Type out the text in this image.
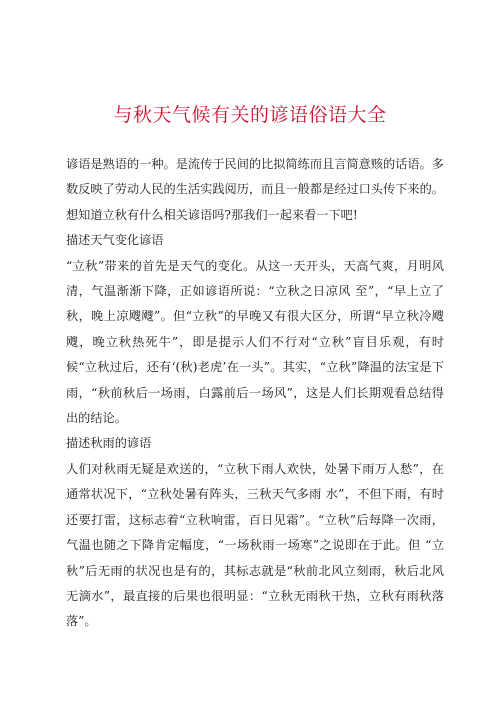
与秋天气候有关的谚语俗语大全

谚语是熟语的一种。是流传于民间的比拟简练而且言简意赅的话语。多数反映了劳动人民的生活实践阅历，而且一般都是经过口头传下来的。想知道立秋有什么相关谚语吗?那我们一起来看一下吧!

描述天气变化谚语

“立秋”带来的首先是天气的变化。从这一天开头，天高气爽，月明风清，气温渐渐下降，正如谚语所说：“立秋之日凉风 至”，“早上立了秋，晚上凉飕飕”。但“立秋”的早晚又有很大区分，所谓“早立秋冷飕飕，晚立秋热死牛”，即是提示人们不行对“立秋”盲目乐观，有时候“立秋过后，还有‘(秋)老虎’在一头”。其实，“立秋”降温的法宝是下雨，“秋前秋后一场雨，白露前后一场风”，这是人们长期观看总结得出的结论。

描述秋雨的谚语

人们对秋雨无疑是欢送的，“立秋下雨人欢快，处暑下雨万人愁”，在通常状况下，“立秋处暑有阵头，三秋天气多雨 水”，不但下雨，有时还要打雷，这标志着“立秋响雷，百日见霜”。“立秋”后每降一次雨，气温也随之下降肯定幅度，“一场秋雨一场寒”之说即在于此。但 “立秋”后无雨的状况也是有的，其标志就是“秋前北风立刻雨，秋后北风无滴水”，最直接的后果也很明显：“立秋无雨秋干热，立秋有雨秋落落”。
